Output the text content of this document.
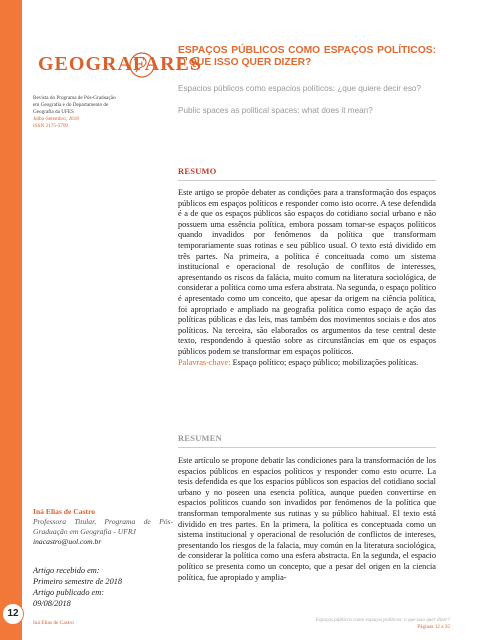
12
GEOGRAFARES
Revista do Programa de Pós-Graduação
em Geografia e do Departamento de
Geografia da UFES
Julho-Setembro, 2018
ISSN 2175-3709
ESPAÇOS PÚBLICOS COMO ESPAÇOS POLÍTICOS: O QUE ISSO QUER DIZER?
Espacios públicos como espacios políticos: ¿que quiere decir eso?
Public spaces as political spaces: what does it mean?
RESUMO
Este artigo se propõe debater as condições para a transformação dos espaços públicos em espaços políticos e responder como isto ocorre. A tese defendida é a de que os espaços públicos são espaços do cotidiano social urbano e não possuem uma essência política, embora possam tornar-se espaços políticos quando invadidos por fenômenos da política que transformam temporariamente suas rotinas e seu público usual. O texto está dividido em três partes. Na primeira, a política é conceituada como um sistema institucional e operacional de resolução de conflitos de interesses, apresentando os riscos da falácia, muito comum na literatura sociológica, de considerar a política como uma esfera abstrata. Na segunda, o espaço político é apresentado como um conceito, que apesar da origem na ciência política, foi apropriado e ampliado na geografia política como espaço de ação das políticas públicas e das leis, mas também dos movimentos sociais e dos atos políticos. Na terceira, são elaborados os argumentos da tese central deste texto, respondendo à questão sobre as circunstâncias em que os espaços públicos podem se transformar em espaços políticos.
Palavras-chave: Espaço político; espaço público; mobilizações políticas.
RESUMEN
Este artículo se propone debatir las condiciones para la transformación de los espacios públicos en espacios políticos y responder como esto ocurre. La tesis defendida es que los espacios públicos son espacios del cotidiano social urbano y no poseen una esencia política, aunque pueden convertirse en espacios políticos cuando son invadidos por fenómenos de la política que transforman temporalmente sus rutinas y su público habitual. El texto está dividido en tres partes. En la primera, la política es conceptuada como un sistema institucional y operacional de resolución de conflictos de intereses, presentando los riesgos de la falacia, muy común en la literatura sociológica, de considerar la política como una esfera abstracta. En la segunda, el espacio político se presenta como un concepto, que a pesar del origen en la ciencia política, fue apropiado y amplia-
Iná Elias de Castro
Professora Titular, Programa de Pós-Graduação em Geografia - UFRJ
inacastro@uol.com.br
Artigo recebido em:
Primeiro semestre de 2018
Artigo publicado em:
09/08/2018
Iná Elias de Castro	Espaços públicos como espaços políticos: o que isso quer dizer?
Páginas 12 a 35
